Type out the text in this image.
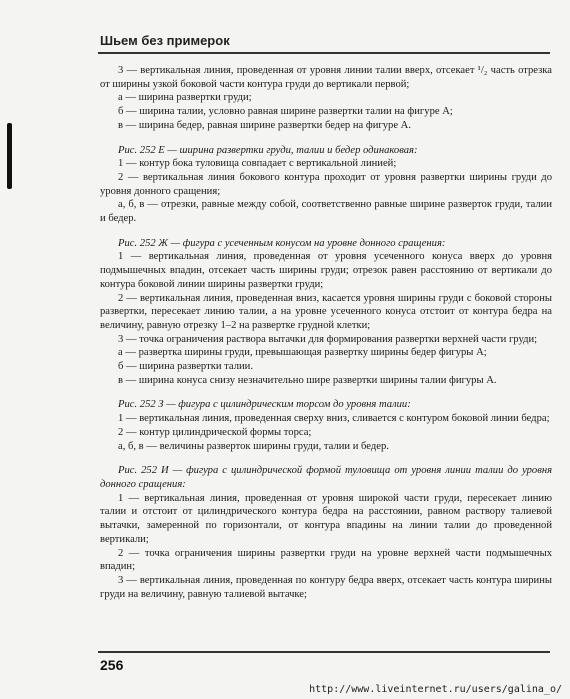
Шьем без примерок

3 — вертикальная линия, проведенная от уровня линии талии вверх, отсекает ¹/₂ часть отрезка от ширины узкой боковой части контура груди до вертикали первой;

а — ширина развертки груди;

б — ширина талии, условно равная ширине развертки талии на фигуре А;

в — ширина бедер, равная ширине развертки бедер на фигуре А.

Рис. 252 Е — ширина развертки груди, талии и бедер одинаковая:

1 — контур бока туловища совпадает с вертикальной линией;

2 — вертикальная линия бокового контура проходит от уровня развертки ширины груди до уровня донного сращения;

а, б, в — отрезки, равные между собой, соответственно равные ширине разверток груди, талии и бедер.

Рис. 252 Ж — фигура с усеченным конусом на уровне донного сращения:

1 — вертикальная линия, проведенная от уровня усеченного конуса вверх до уровня подмышечных впадин, отсекает часть ширины груди; отрезок равен расстоянию от вертикали до контура боковой линии ширины развертки груди;

2 — вертикальная линия, проведенная вниз, касается уровня ширины груди с боковой стороны развертки, пересекает линию талии, а на уровне усеченного конуса отстоит от контура бедра на величину, равную отрезку 1–2 на развертке грудной клетки;

3 — точка ограничения раствора вытачки для формирования развертки верхней части груди;

а — развертка ширины груди, превышающая развертку ширины бедер фигуры А;

б — ширина развертки талии.

в — ширина конуса снизу незначительно шире развертки ширины талии фигуры А.

Рис. 252 З — фигура с цилиндрическим торсом до уровня талии:

1 — вертикальная линия, проведенная сверху вниз, сливается с контуром боковой линии бедра;

2 — контур цилиндрической формы торса;

а, б, в — величины разверток ширины груди, талии и бедер.

Рис. 252 И — фигура с цилиндрической формой туловища от уровня линии талии до уровня донного сращения:

1 — вертикальная линия, проведенная от уровня широкой части груди, пересекает линию талии и отстоит от цилиндрического контура бедра на расстоянии, равном раствору талиевой вытачки, замеренной по горизонтали, от контура впадины на линии талии до проведенной вертикали;

2 — точка ограничения ширины развертки груди на уровне верхней части подмышечных впадин;

3 — вертикальная линия, проведенная по контуру бедра вверх, отсекает часть контура ширины груди на величину, равную талиевой вытачке;

256
http://www.liveinternet.ru/users/galina_o/
